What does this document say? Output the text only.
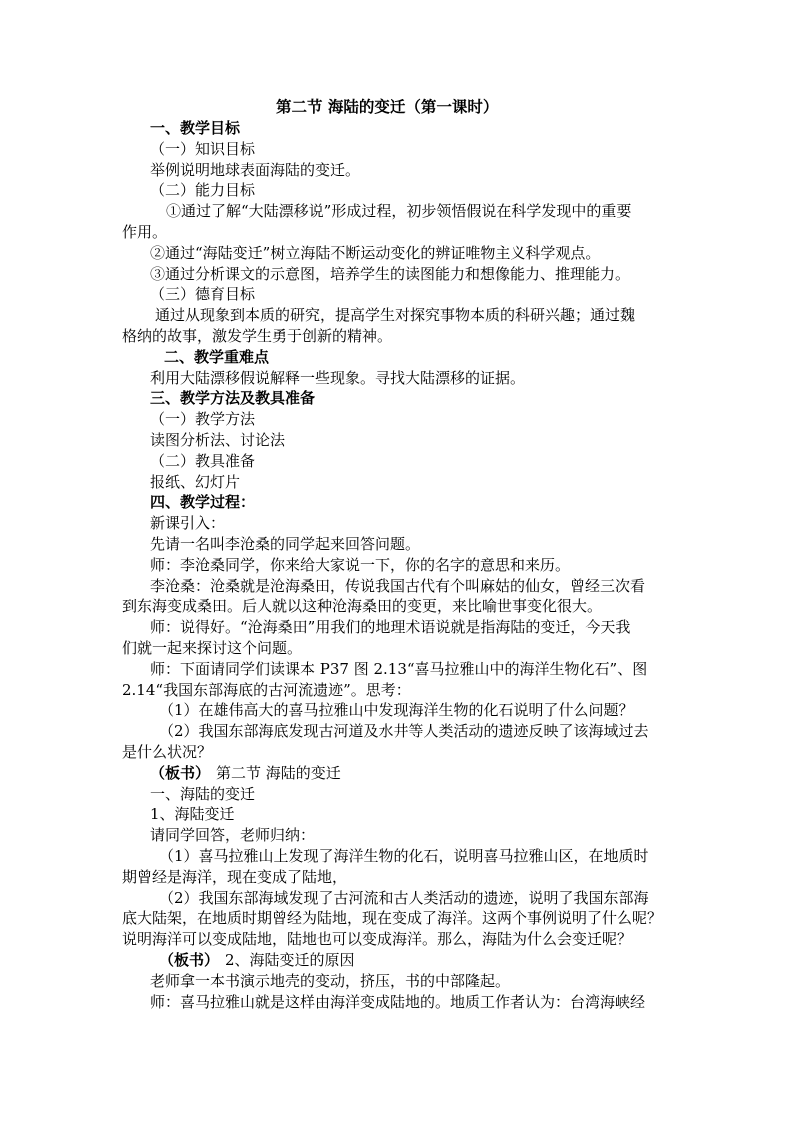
第二节 海陆的变迁（第一课时）
一、教学目标
（一）知识目标
举例说明地球表面海陆的变迁。
（二）能力目标
①通过了解“大陆漂移说”形成过程，初步领悟假说在科学发现中的重要
作用。
②通过“海陆变迁”树立海陆不断运动变化的辨证唯物主义科学观点。
③通过分析课文的示意图，培养学生的读图能力和想像能力、推理能力。
（三）德育目标
通过从现象到本质的研究，提高学生对探究事物本质的科研兴趣；通过魏
格纳的故事，激发学生勇于创新的精神。
二、教学重难点
利用大陆漂移假说解释一些现象。寻找大陆漂移的证据。
三、教学方法及教具准备
（一）教学方法
读图分析法、讨论法
（二）教具准备
报纸、幻灯片
四、教学过程：
新课引入：
先请一名叫李沧桑的同学起来回答问题。
师：李沧桑同学，你来给大家说一下，你的名字的意思和来历。
李沧桑：沧桑就是沧海桑田，传说我国古代有个叫麻姑的仙女，曾经三次看
到东海变成桑田。后人就以这种沧海桑田的变更，来比喻世事变化很大。
师：说得好。“沧海桑田”用我们的地理术语说就是指海陆的变迁，今天我
们就一起来探讨这个问题。
师：下面请同学们读课本 P37 图 2.13“喜马拉雅山中的海洋生物化石”、图
2.14“我国东部海底的古河流遗迹”。思考：
（1）在雄伟高大的喜马拉雅山中发现海洋生物的化石说明了什么问题？
（2）我国东部海底发现古河道及水井等人类活动的遗迹反映了该海域过去
是什么状况？
（板书） 第二节 海陆的变迁
一、海陆的变迁
1、海陆变迁
请同学回答，老师归纳：
（1）喜马拉雅山上发现了海洋生物的化石，说明喜马拉雅山区，在地质时
期曾经是海洋，现在变成了陆地，
（2）我国东部海域发现了古河流和古人类活动的遗迹，说明了我国东部海
底大陆架，在地质时期曾经为陆地，现在变成了海洋。这两个事例说明了什么呢？
说明海洋可以变成陆地，陆地也可以变成海洋。那么，海陆为什么会变迁呢？
（板书） 2、海陆变迁的原因
老师拿一本书演示地壳的变动，挤压，书的中部隆起。
师：喜马拉雅山就是这样由海洋变成陆地的。地质工作者认为：台湾海峡经
